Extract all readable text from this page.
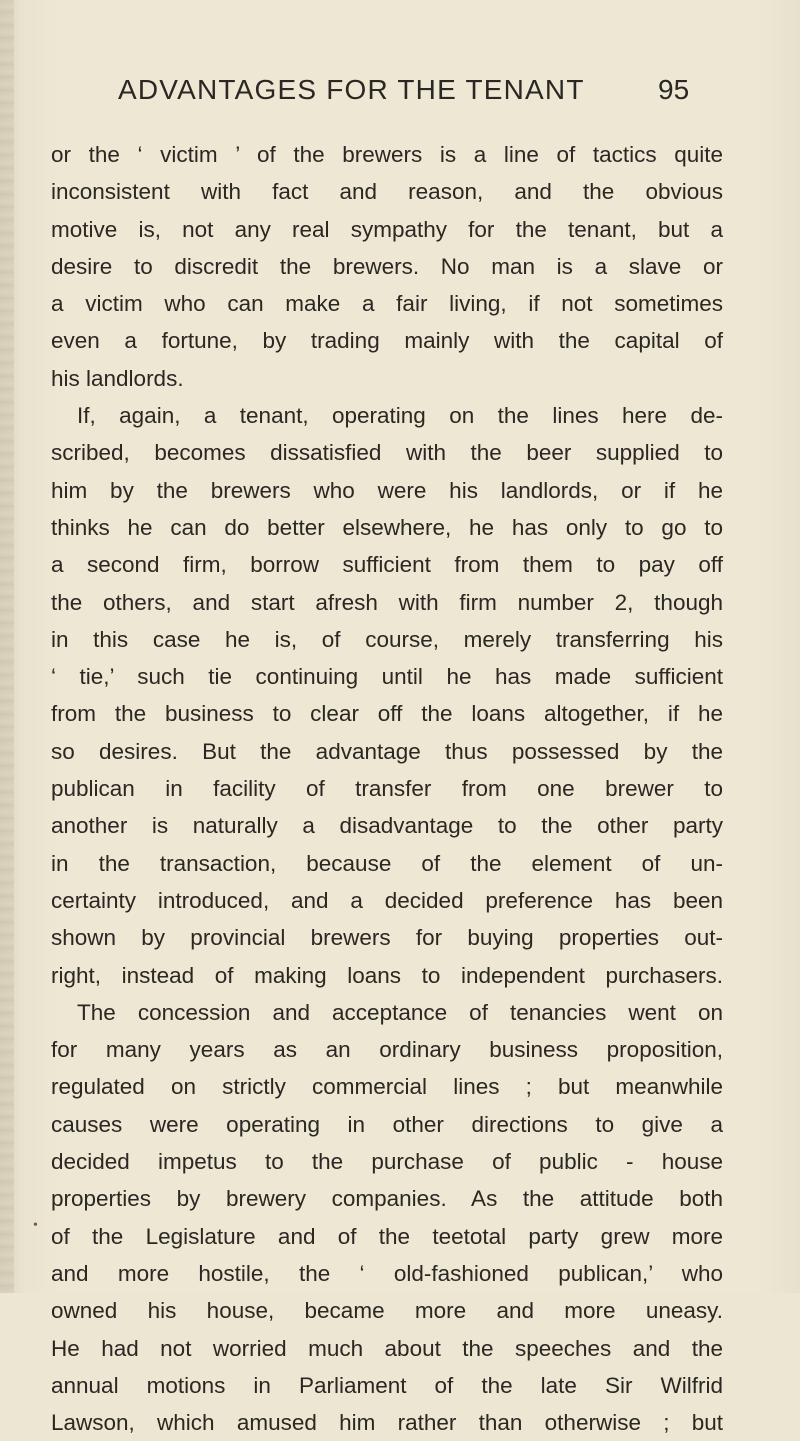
ADVANTAGES FOR THE TENANT	95
or the ‘ victim ’ of the brewers is a line of tactics quite
inconsistent with fact and reason, and the obvious
motive is, not any real sympathy for the tenant, but a
desire to discredit the brewers. No man is a slave or
a victim who can make a fair living, if not sometimes
even a fortune, by trading mainly with the capital of
his landlords.
If, again, a tenant, operating on the lines here de-
scribed, becomes dissatisfied with the beer supplied to
him by the brewers who were his landlords, or if he
thinks he can do better elsewhere, he has only to go to
a second firm, borrow sufficient from them to pay off
the others, and start afresh with firm number 2, though
in this case he is, of course, merely transferring his
‘ tie,’ such tie continuing until he has made sufficient
from the business to clear off the loans altogether, if he
so desires. But the advantage thus possessed by the
publican in facility of transfer from one brewer to
another is naturally a disadvantage to the other party
in the transaction, because of the element of un-
certainty introduced, and a decided preference has been
shown by provincial brewers for buying properties out-
right, instead of making loans to independent purchasers.
The concession and acceptance of tenancies went on
for many years as an ordinary business proposition,
regulated on strictly commercial lines ; but meanwhile
causes were operating in other directions to give a
decided impetus to the purchase of public - house
properties by brewery companies. As the attitude both
of the Legislature and of the teetotal party grew more
and more hostile, the ‘ old-fashioned publican,’ who
owned his house, became more and more uneasy.
He had not worried much about the speeches and the
annual motions in Parliament of the late Sir Wilfrid
Lawson, which amused him rather than otherwise ; but
•
